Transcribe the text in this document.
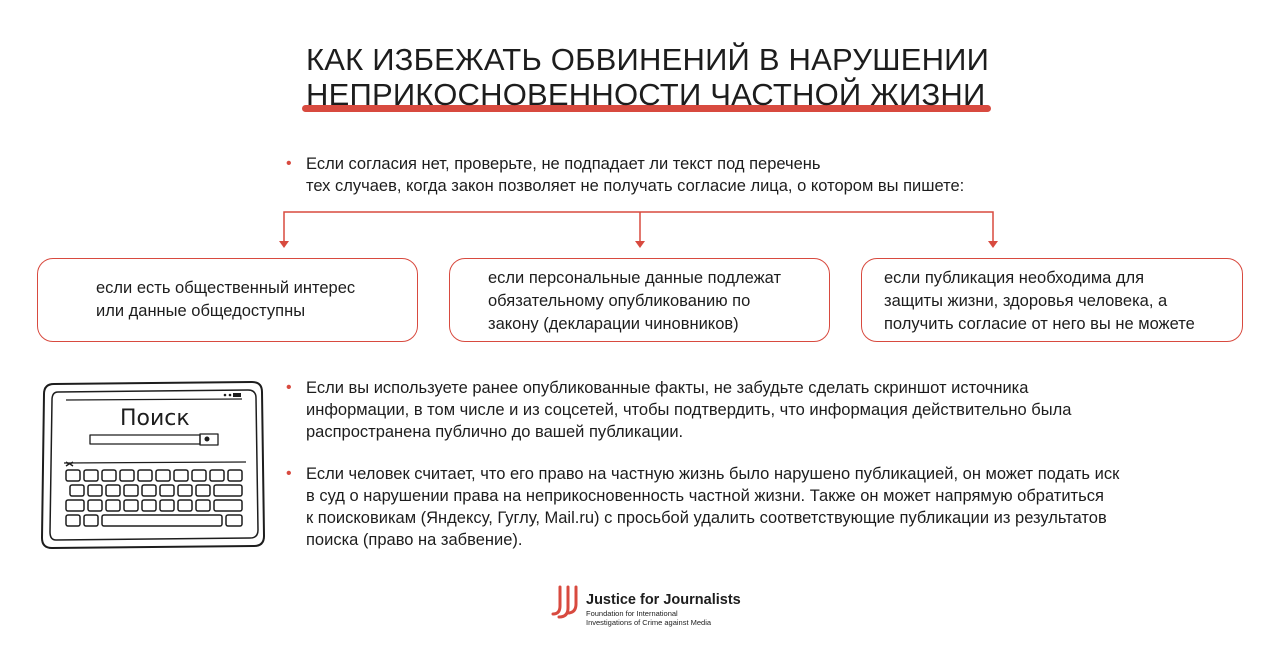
КАК ИЗБЕЖАТЬ ОБВИНЕНИЙ В НАРУШЕНИИ
НЕПРИКОСНОВЕННОСТИ ЧАСТНОЙ ЖИЗНИ
• Если согласия нет, проверьте, не подпадает ли текст под перечень
тех случаев, когда закон позволяет не получать согласие лица, о котором вы пишете:
если есть общественный интерес
или данные общедоступны
если персональные данные подлежат
обязательному опубликованию по
закону (декларации чиновников)
если публикация необходима для
защиты жизни, здоровья человека, а
получить согласие от него вы не можете
Поиск
• Если вы используете ранее опубликованные факты, не забудьте сделать скриншот источника
информации, в том числе и из соцсетей, чтобы подтвердить, что информация действительно была
распространена публично до вашей публикации.
• Если человек считает, что его право на частную жизнь было нарушено публикацией, он может подать иск
в суд о нарушении права на неприкосновенность частной жизни. Также он может напрямую обратиться
к поисковикам (Яндексу, Гуглу, Mail.ru) с просьбой удалить соответствующие публикации из результатов
поиска (право на забвение).
Justice for Journalists
Foundation for International
Investigations of Crime against Media
